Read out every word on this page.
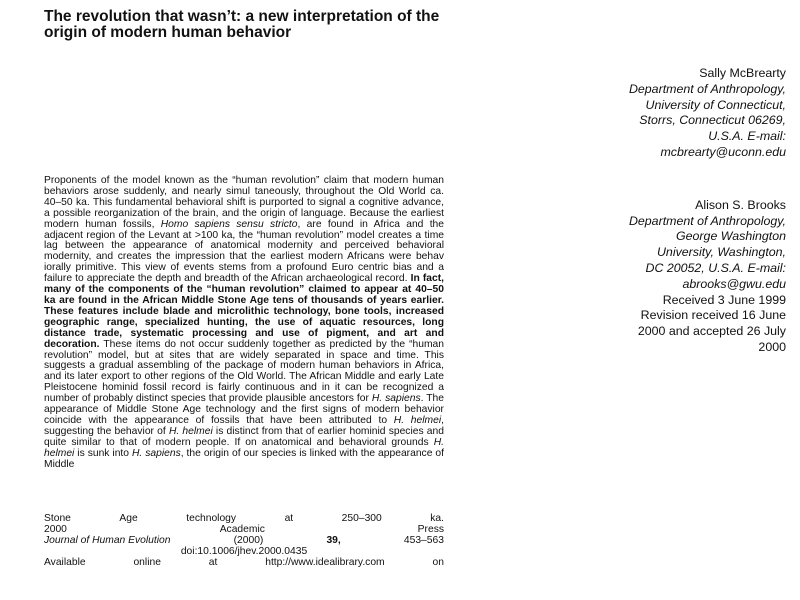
The revolution that wasn’t: a new interpretation of the origin of modern human behavior
Sally McBrearty
Department of Anthropology,
University of Connecticut,
Storrs, Connecticut 06269,
U.S.A. E-mail:
mcbrearty@uconn.edu
Alison S. Brooks
Department of Anthropology,
George Washington
University, Washington,
DC 20052, U.S.A. E-mail:
abrooks@gwu.edu
Received 3 June 1999
Revision received 16 June
2000 and accepted 26 July
2000

Proponents of the model known as the “human revolution” claim that modern human behaviors arose suddenly, and nearly simul taneously, throughout the Old World ca. 40–50 ka. This fundamental behavioral shift is purported to signal a cognitive advance, a possible reorganization of the brain, and the origin of language. Because the earliest modern human fossils, Homo sapiens sensu stricto, are found in Africa and the adjacent region of the Levant at >100 ka, the “human revolution” model creates a time lag between the appearance of anatomical modernity and perceived behavioral modernity, and creates the impression that the earliest modern Africans were behav iorally primitive. This view of events stems from a profound Euro centric bias and a failure to appreciate the depth and breadth of the African archaeological record. In fact, many of the components of the “human revolution” claimed to appear at 40–50 ka are found in the African Middle Stone Age tens of thousands of years earlier. These features include blade and microlithic technology, bone tools, increased geographic range, specialized hunting, the use of aquatic resources, long distance trade, systematic processing and use of pigment, and art and decoration. These items do not occur suddenly together as predicted by the “human revolution” model, but at sites that are widely separated in space and time. This suggests a gradual assembling of the package of modern human behaviors in Africa, and its later export to other regions of the Old World. The African Middle and early Late Pleistocene hominid fossil record is fairly continuous and in it can be recognized a number of probably distinct species that provide plausible ancestors for H. sapiens. The appearance of Middle Stone Age technology and the first signs of modern behavior coincide with the appearance of fossils that have been attributed to H. helmei, suggesting the behavior of H. helmei is distinct from that of earlier hominid species and quite similar to that of modern people. If on anatomical and behavioral grounds H. helmei is sunk into H. sapiens, the origin of our species is linked with the appearance of Middle

Stone	Age	technology	at	250–300	ka.
2000	Academic	Press
Journal of Human Evolution	(2000)	39,	453–563
doi:10.1006/jhev.2000.0435
Available	online	at	http://www.idealibrary.com	on
